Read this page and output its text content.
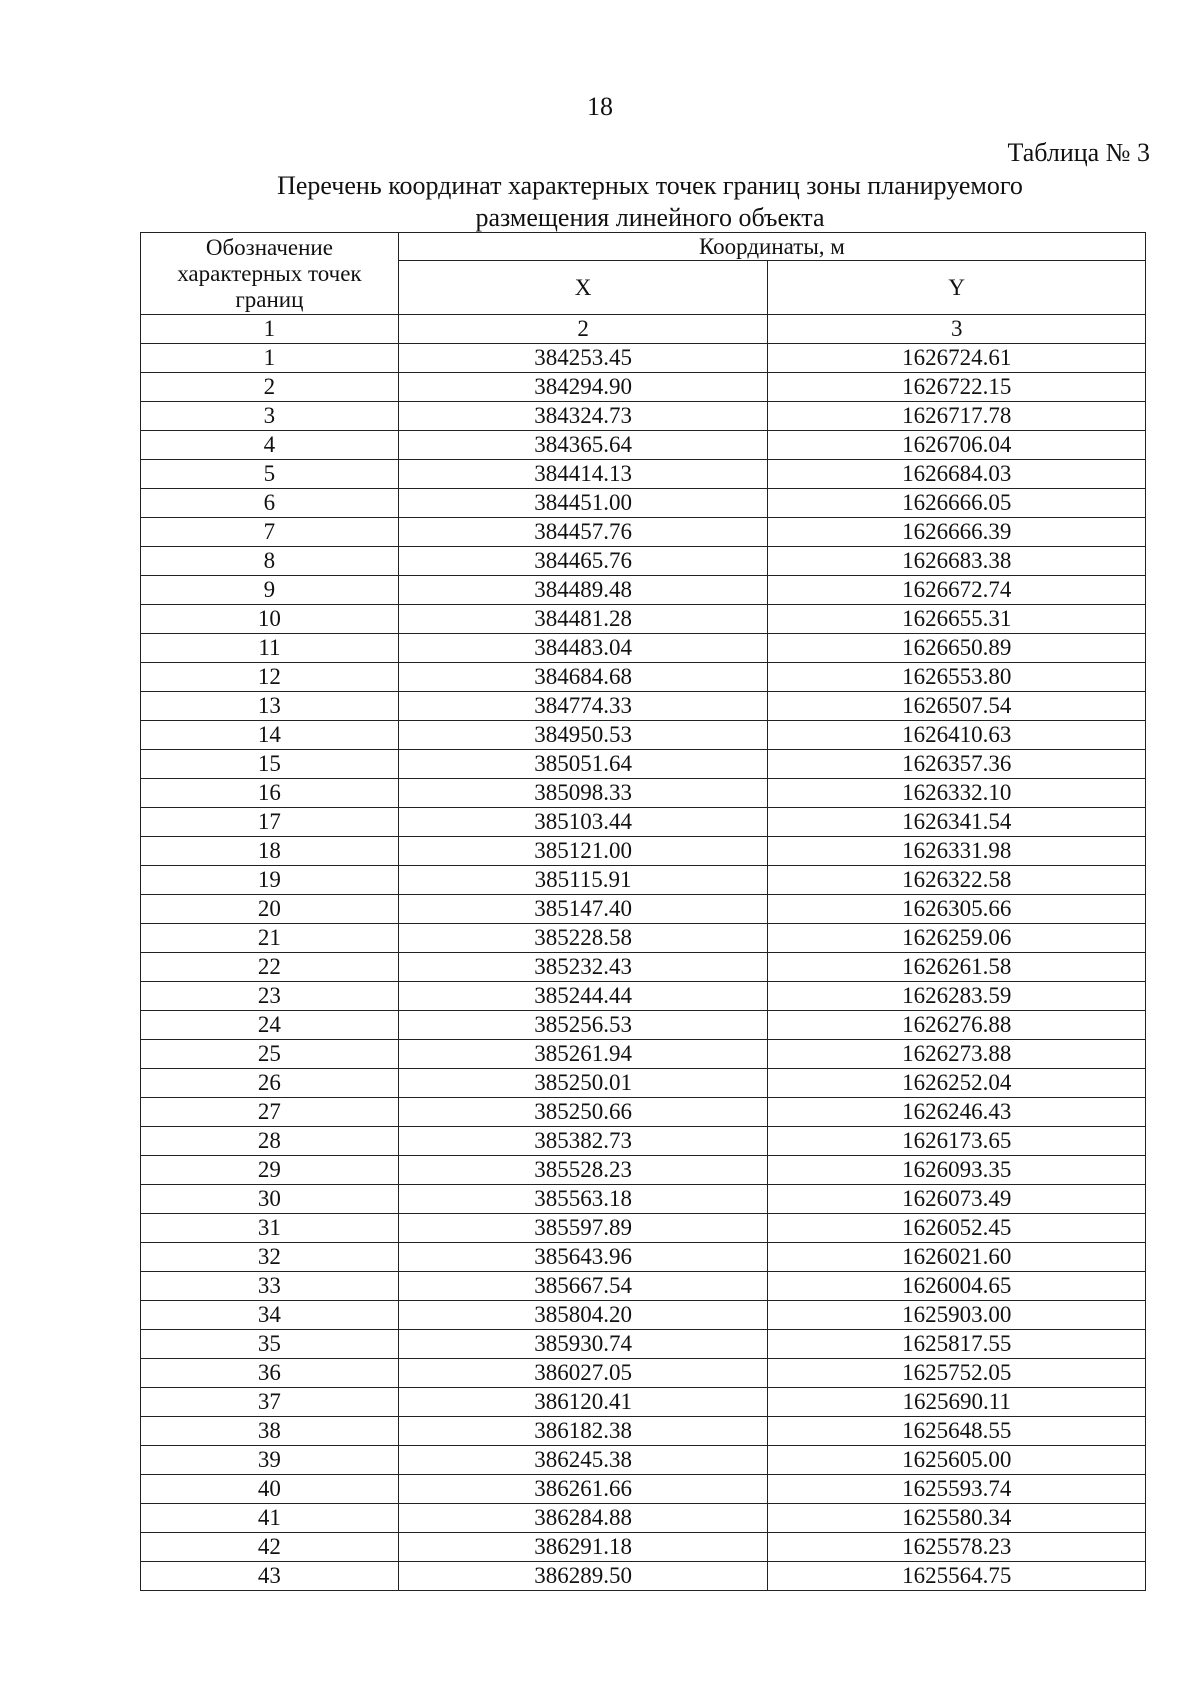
18
Таблица № 3
Перечень координат характерных точек границ зоны планируемого
размещения линейного объекта
Обозначение характерных точек границ	Координаты, м	
	X	Y
1	2	3
1	384253.45	1626724.61
2	384294.90	1626722.15
3	384324.73	1626717.78
4	384365.64	1626706.04
5	384414.13	1626684.03
6	384451.00	1626666.05
7	384457.76	1626666.39
8	384465.76	1626683.38
9	384489.48	1626672.74
10	384481.28	1626655.31
11	384483.04	1626650.89
12	384684.68	1626553.80
13	384774.33	1626507.54
14	384950.53	1626410.63
15	385051.64	1626357.36
16	385098.33	1626332.10
17	385103.44	1626341.54
18	385121.00	1626331.98
19	385115.91	1626322.58
20	385147.40	1626305.66
21	385228.58	1626259.06
22	385232.43	1626261.58
23	385244.44	1626283.59
24	385256.53	1626276.88
25	385261.94	1626273.88
26	385250.01	1626252.04
27	385250.66	1626246.43
28	385382.73	1626173.65
29	385528.23	1626093.35
30	385563.18	1626073.49
31	385597.89	1626052.45
32	385643.96	1626021.60
33	385667.54	1626004.65
34	385804.20	1625903.00
35	385930.74	1625817.55
36	386027.05	1625752.05
37	386120.41	1625690.11
38	386182.38	1625648.55
39	386245.38	1625605.00
40	386261.66	1625593.74
41	386284.88	1625580.34
42	386291.18	1625578.23
43	386289.50	1625564.75
